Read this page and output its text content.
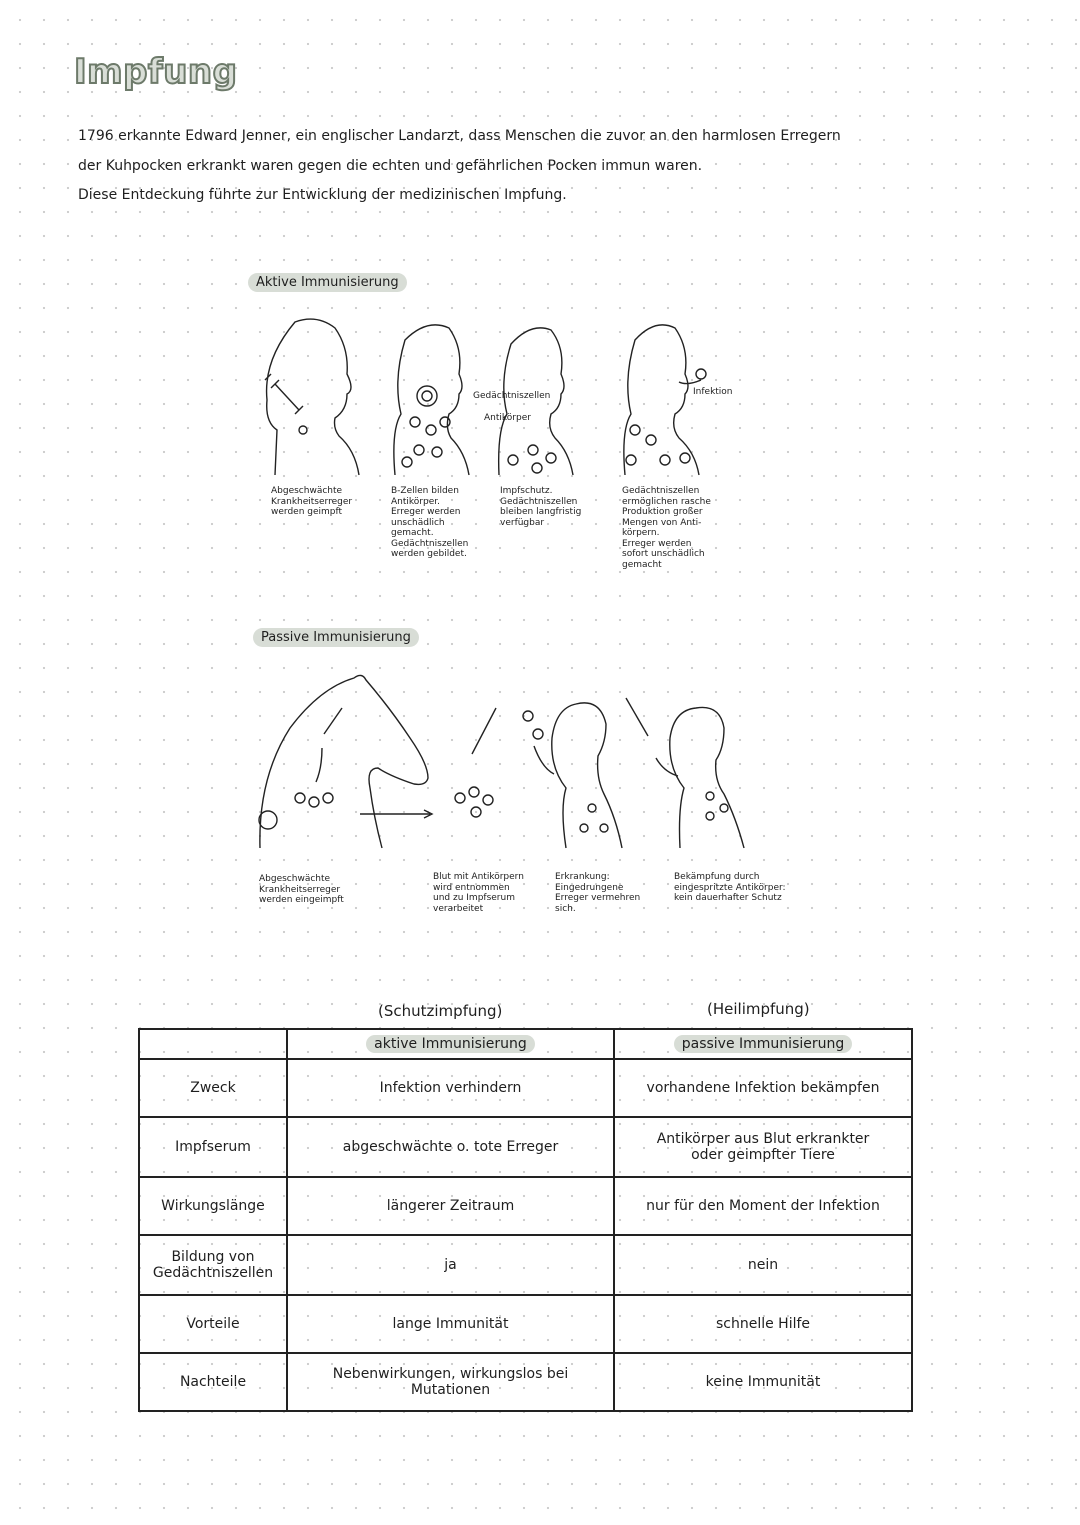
Impfung
1796 erkannte Edward Jenner, ein englischer Landarzt, dass Menschen die zuvor an den harmlosen Erregern
der Kuhpocken erkrankt waren gegen die echten und gefährlichen Pocken immun waren.
Diese Entdeckung führte zur Entwicklung der medizinischen Impfung.
Aktive Immunisierung
Gedächtniszellen
Antikörper
Infektion
Abgeschwächte
Krankheitserreger
werden geimpft
B-Zellen bilden
Antikörper.
Erreger werden
unschädlich
gemacht.
Gedächtniszellen
werden gebildet.
Impfschutz.
Gedächtniszellen
bleiben langfristig
verfügbar
Gedächtniszellen
ermöglichen rasche
Produktion großer
Mengen von Anti-
körpern.
Erreger werden
sofort unschädlich
gemacht
Passive Immunisierung
Abgeschwächte
Krankheitserreger
werden eingeimpft
Blut mit Antikörpern
wird entnommen
und zu Impfserum
verarbeitet
Erkrankung:
Eingedrungene
Erreger vermehren
sich.
Bekämpfung durch
eingespritzte Antikörper:
kein dauerhafter Schutz
(Schutzimpfung)	(Heilimpfung)
	aktive Immunisierung	passive Immunisierung
Zweck	Infektion verhindern	vorhandene Infektion bekämpfen
Impfserum	abgeschwächte o. tote Erreger	Antikörper aus Blut erkrankter
oder geimpfter Tiere
Wirkungslänge	längerer Zeitraum	nur für den Moment der Infektion
Bildung von
Gedächtniszellen	ja	nein
Vorteile	lange Immunität	schnelle Hilfe
Nachteile	Nebenwirkungen, wirkungslos bei Mutationen	keine Immunität
